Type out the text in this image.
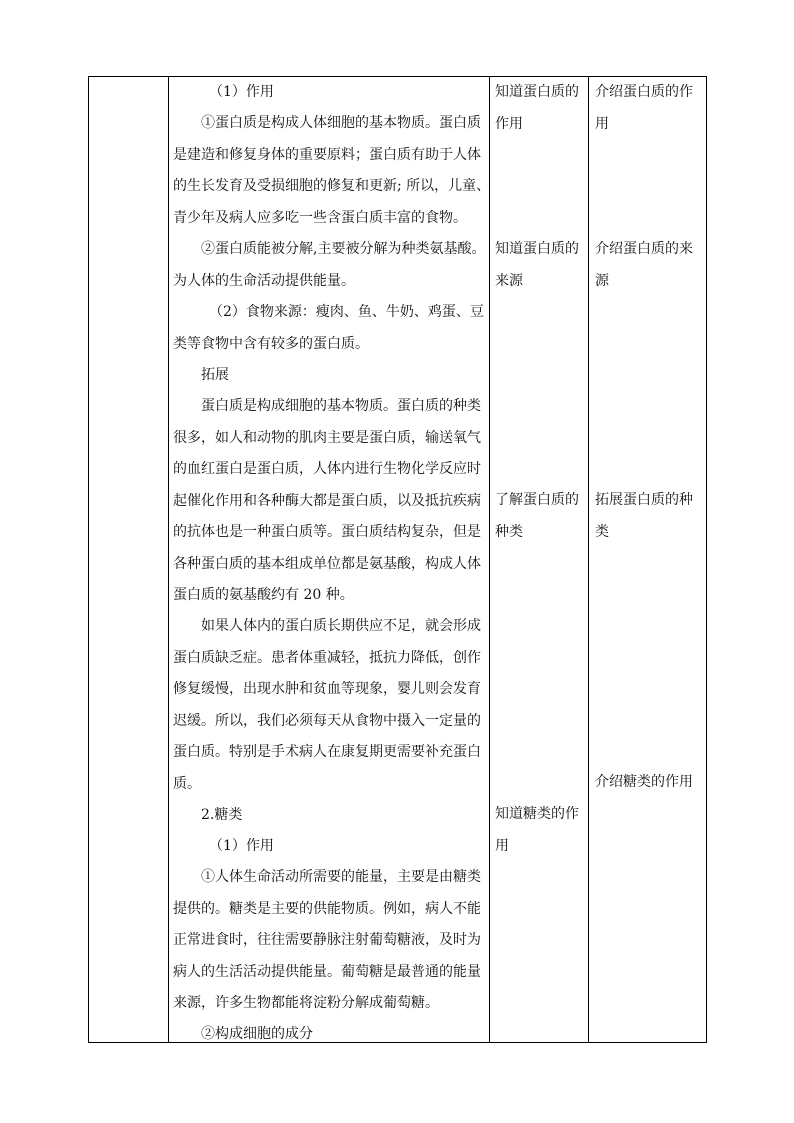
（1）作用

①蛋白质是构成人体细胞的基本物质。蛋白质
是建造和修复身体的重要原料；蛋白质有助于人体
的生长发育及受损细胞的修复和更新; 所以，儿童、
青少年及病人应多吃一些含蛋白质丰富的食物。
②蛋白质能被分解,主要被分解为种类氨基酸。
为人体的生命活动提供能量。
（2）食物来源：瘦肉、鱼、牛奶、鸡蛋、豆
类等食物中含有较多的蛋白质。

拓展

蛋白质是构成细胞的基本物质。蛋白质的种类
很多，如人和动物的肌肉主要是蛋白质，输送氧气
的血红蛋白是蛋白质，人体内进行生物化学反应时
起催化作用和各种酶大都是蛋白质，以及抵抗疾病
的抗体也是一种蛋白质等。蛋白质结构复杂，但是
各种蛋白质的基本组成单位都是氨基酸，构成人体
蛋白质的氨基酸约有 20 种。
如果人体内的蛋白质长期供应不足，就会形成
蛋白质缺乏症。患者体重减轻，抵抗力降低，创作
修复缓慢，出现水肿和贫血等现象，婴儿则会发育
迟缓。所以，我们必须每天从食物中摄入一定量的
蛋白质。特别是手术病人在康复期更需要补充蛋白
质。

2.糖类

（1）作用

①人体生命活动所需要的能量，主要是由糖类
提供的。糖类是主要的供能物质。例如，病人不能
正常进食时，往往需要静脉注射葡萄糖液，及时为
病人的生活活动提供能量。葡萄糖是最普通的能量
来源，许多生物都能将淀粉分解成葡萄糖。

②构成细胞的成分

知道蛋白质的作用

知道蛋白质的来源

了解蛋白质的种类

知道糖类的作用

介绍蛋白质的作用

介绍蛋白质的来源

拓展蛋白质的种类

介绍糖类的作用
